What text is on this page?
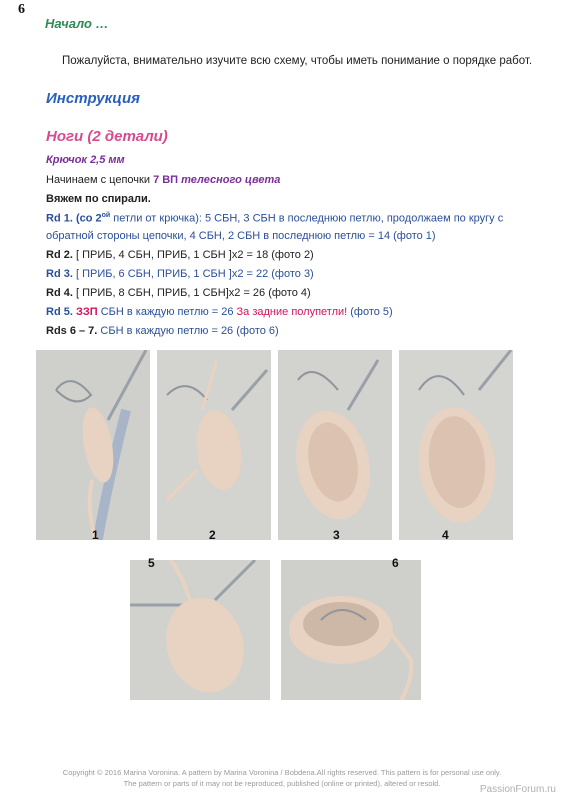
6
Начало …
Пожалуйста, внимательно изучите всю схему, чтобы иметь понимание о порядке работ.
Инструкция
Ноги (2 детали)
Крючок 2,5 мм
Начинаем с цепочки 7 ВП телесного цвета
Вяжем по спирали.
Rd 1. (со $2^{ой}$ петли от крючка): 5 СБН, 3 СБН в последнюю петлю, продолжаем по кругу с
обратной стороны цепочки, 4 СБН, 2 СБН в последнюю петлю = 14 (фото 1)
Rd 2. [ ПРИБ, 4 СБН, ПРИБ, 1 СБН ]x2 = 18 (фото 2)
Rd 3. [ ПРИБ, 6 СБН, ПРИБ, 1 СБН ]x2 = 22 (фото 3)
Rd 4. [ ПРИБ, 8 СБН, ПРИБ, 1 СБН]x2 = 26 (фото 4)
Rd 5. ЗЗП СБН в каждую петлю = 26 За задние полупетли! (фото 5)
Rds 6 – 7. СБН в каждую петлю = 26 (фото 6)
1	2	3	4
5	6
Copyright © 2016 Marina Voronina. A pattern by Marina Voronina / Bobdena.All rights reserved. This pattern is for personal use only.
The pattern or parts of it may not be reproduced, published (online or printed), altered or resold.
PassionForum.ru
